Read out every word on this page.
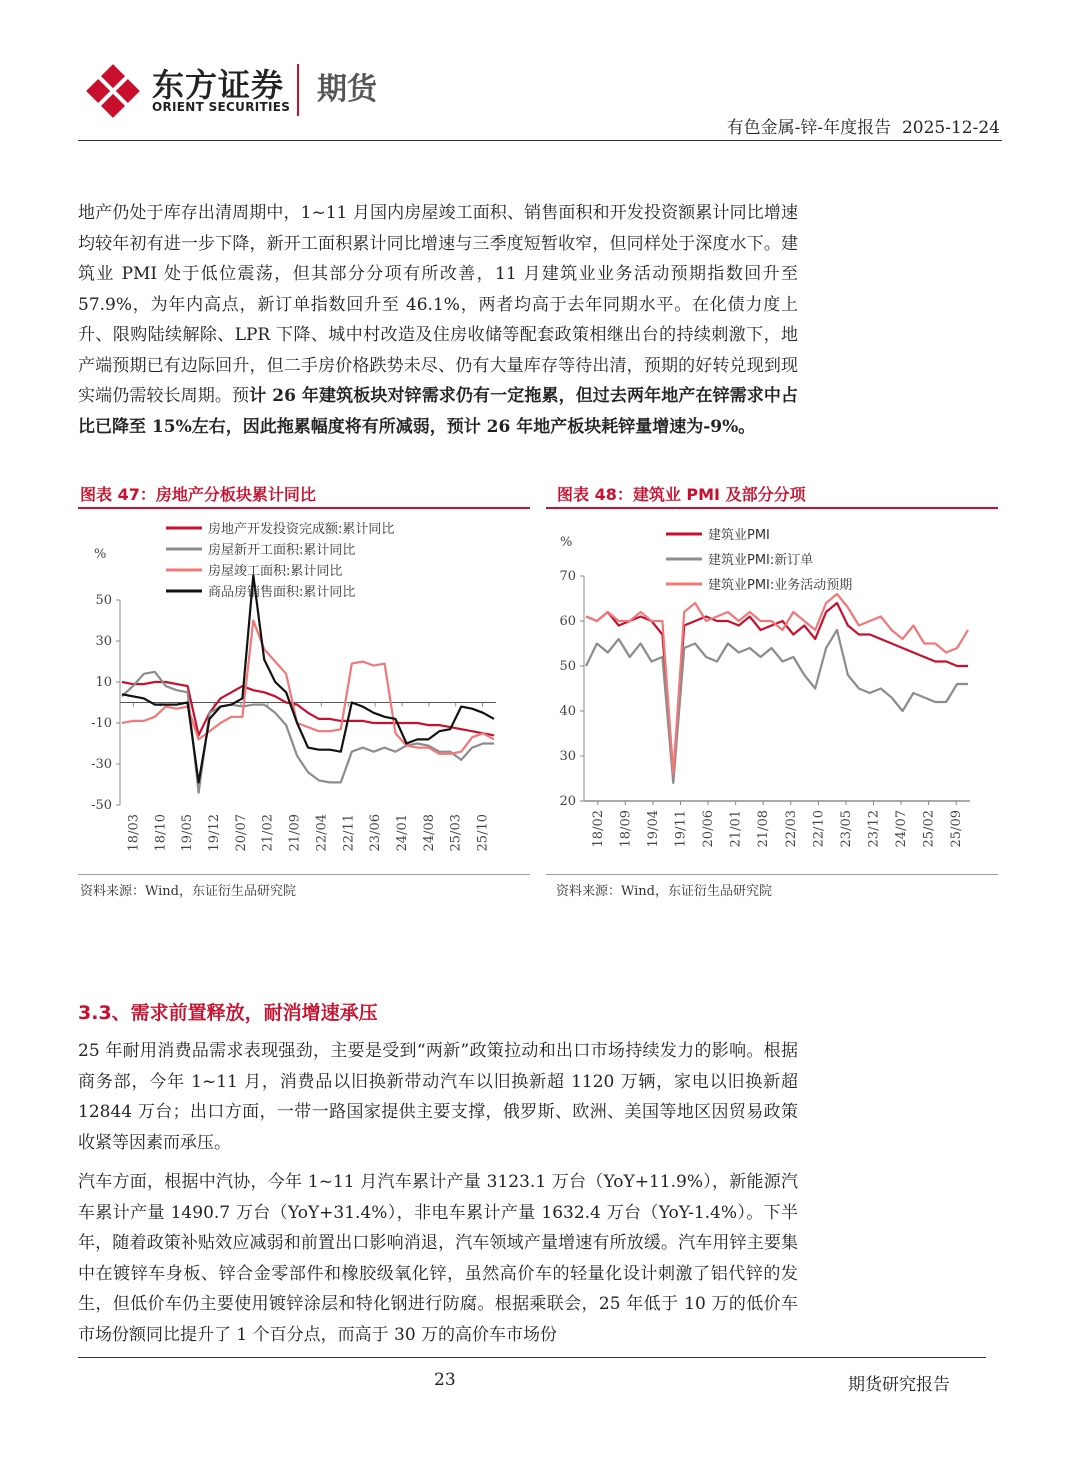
东方证券
ORIENT SECURITIES 期货
有色金属-锌-年度报告  2025-12-24

地产仍处于库存出清周期中，1~11 月国内房屋竣工面积、销售面积和开发投资额累计同比增速均较年初有进一步下降，新开工面积累计同比增速与三季度短暂收窄，但同样处于深度水下。建筑业 PMI 处于低位震荡，但其部分分项有所改善，11 月建筑业业务活动预期指数回升至 57.9%，为年内高点，新订单指数回升至 46.1%，两者均高于去年同期水平。在化债力度上升、限购陆续解除、LPR 下降、城中村改造及住房收储等配套政策相继出台的持续刺激下，地产端预期已有边际回升，但二手房价格跌势未尽、仍有大量库存等待出清，预期的好转兑现到现实端仍需较长周期。预计 26 年建筑板块对锌需求仍有一定拖累，但过去两年地产在锌需求中占比已降至 15%左右，因此拖累幅度将有所减弱，预计 26 年地产板块耗锌量增速为-9%。

图表 47：房地产分板块累计同比
%
50
30
10
-10
-30
-50
18/03 18/10 19/05 19/12 20/07 21/02 21/09 22/04 22/11 23/06 24/01 24/08 25/03 25/10
房地产开发投资完成额:累计同比
房屋新开工面积:累计同比
房屋竣工面积:累计同比
商品房销售面积:累计同比
资料来源：Wind，东证衍生品研究院
图表 48：建筑业 PMI 及部分分项
%
70
60
50
40
30
20
18/02 18/09 19/04 19/11 20/06 21/01 21/08 22/03 22/10 23/05 23/12 24/07 25/02 25/09
建筑业PMI
建筑业PMI:新订单
建筑业PMI:业务活动预期
资料来源：Wind，东证衍生品研究院
3.3、需求前置释放，耐消增速承压

25 年耐用消费品需求表现强劲，主要是受到“两新”政策拉动和出口市场持续发力的影响。根据商务部，今年 1~11 月，消费品以旧换新带动汽车以旧换新超 1120 万辆，家电以旧换新超 12844 万台；出口方面，一带一路国家提供主要支撑，俄罗斯、欧洲、美国等地区因贸易政策收紧等因素而承压。

汽车方面，根据中汽协，今年 1~11 月汽车累计产量 3123.1 万台（YoY+11.9%），新能源汽车累计产量 1490.7 万台（YoY+31.4%），非电车累计产量 1632.4 万台（YoY-1.4%）。下半年，随着政策补贴效应减弱和前置出口影响消退，汽车领域产量增速有所放缓。汽车用锌主要集中在镀锌车身板、锌合金零部件和橡胶级氧化锌，虽然高价车的轻量化设计刺激了铝代锌的发生，但低价车仍主要使用镀锌涂层和特化钢进行防腐。根据乘联会，25 年低于 10 万的低价车市场份额同比提升了 1 个百分点，而高于 30 万的高价车市场份

23	期货研究报告
